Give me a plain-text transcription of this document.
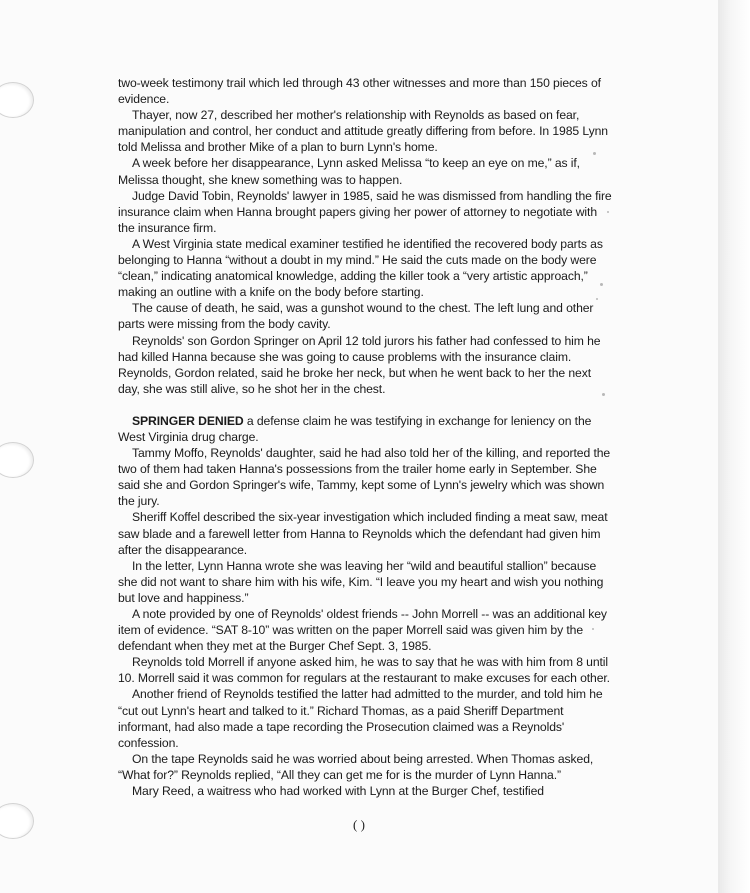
two-week testimony trail which led through 43 other witnesses and more than 150 pieces of evidence.

Thayer, now 27, described her mother's relationship with Reynolds as based on fear, manipulation and control, her conduct and attitude greatly differing from before. In 1985 Lynn told Melissa and brother Mike of a plan to burn Lynn's home.

A week before her disappearance, Lynn asked Melissa “to keep an eye on me,” as if, Melissa thought, she knew something was to happen.

Judge David Tobin, Reynolds' lawyer in 1985, said he was dismissed from handling the fire insurance claim when Hanna brought papers giving her power of attorney to negotiate with the insurance firm.

A West Virginia state medical examiner testified he identified the recovered body parts as belonging to Hanna “without a doubt in my mind.” He said the cuts made on the body were “clean,” indicating anatomical knowledge, adding the killer took a “very artistic approach,” making an outline with a knife on the body before starting.

The cause of death, he said, was a gunshot wound to the chest. The left lung and other parts were missing from the body cavity.

Reynolds' son Gordon Springer on April 12 told jurors his father had confessed to him he had killed Hanna because she was going to cause problems with the insurance claim. Reynolds, Gordon related, said he broke her neck, but when he went back to her the next day, she was still alive, so he shot her in the chest.

SPRINGER DENIED a defense claim he was testifying in exchange for leniency on the West Virginia drug charge.

Tammy Moffo, Reynolds' daughter, said he had also told her of the killing, and reported the two of them had taken Hanna's possessions from the trailer home early in September. She said she and Gordon Springer's wife, Tammy, kept some of Lynn's jewelry which was shown the jury.

Sheriff Koffel described the six-year investigation which included finding a meat saw, meat saw blade and a farewell letter from Hanna to Reynolds which the defendant had given him after the disappearance.

In the letter, Lynn Hanna wrote she was leaving her “wild and beautiful stallion” because she did not want to share him with his wife, Kim. “I leave you my heart and wish you nothing but love and happiness.”

A note provided by one of Reynolds' oldest friends -- John Morrell -- was an additional key item of evidence. “SAT 8-10” was written on the paper Morrell said was given him by the defendant when they met at the Burger Chef Sept. 3, 1985.

Reynolds told Morrell if anyone asked him, he was to say that he was with him from 8 until 10. Morrell said it was common for regulars at the restaurant to make excuses for each other.

Another friend of Reynolds testified the latter had admitted to the murder, and told him he “cut out Lynn's heart and talked to it.” Richard Thomas, as a paid Sheriff Department informant, had also made a tape recording the Prosecution claimed was a Reynolds' confession.

On the tape Reynolds said he was worried about being arrested. When Thomas asked, “What for?” Reynolds replied, “All they can get me for is the murder of Lynn Hanna.”

Mary Reed, a waitress who had worked with Lynn at the Burger Chef, testified

( )
